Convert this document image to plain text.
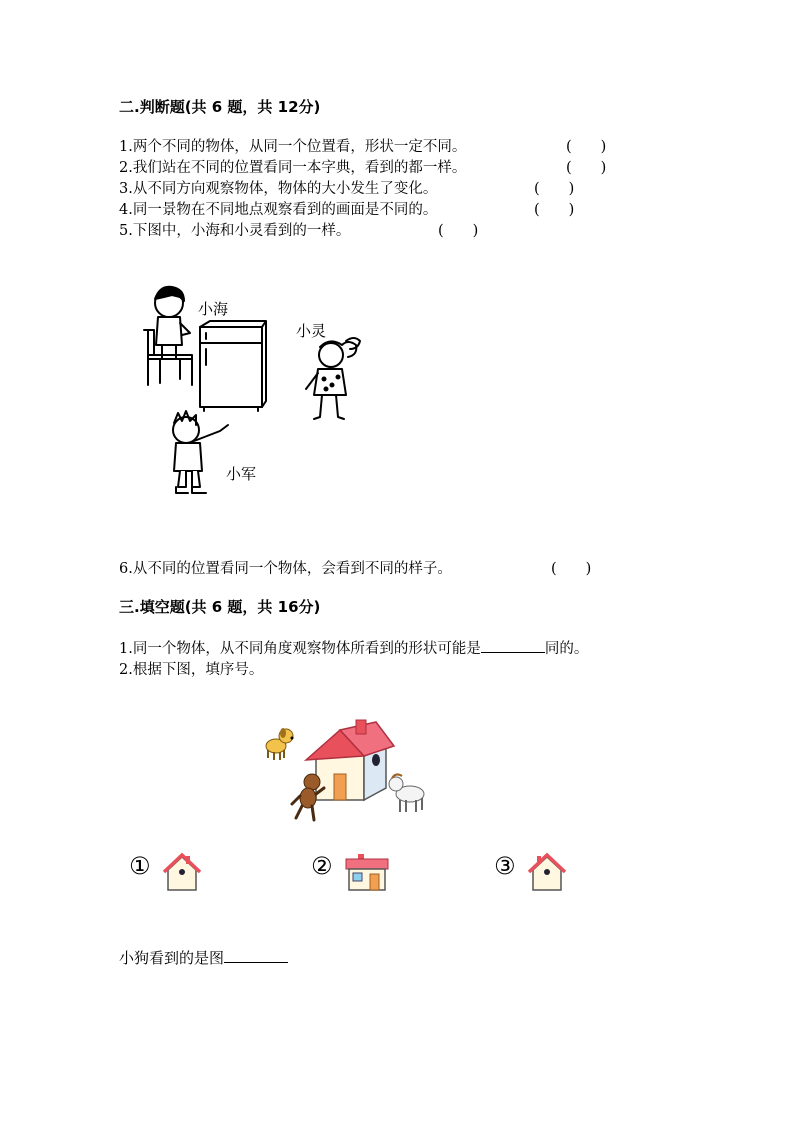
二.判断题(共 6 题，共 12分)
1.两个不同的物体，从同一个位置看，形状一定不同。	(　　)
2.我们站在不同的位置看同一本字典，看到的都一样。	(　　)
3.从不同方向观察物体，物体的大小发生了变化。	(　　)
4.同一景物在不同地点观察看到的画面是不同的。	(　　)
5.下图中，小海和小灵看到的一样。	(　　)
小海
小灵
小军
6.从不同的位置看同一个物体，会看到不同的样子。	(　　)
三.填空题(共 6 题，共 16分)
1.同一个物体，从不同角度观察物体所看到的形状可能是	同的。
2.根据下图，填序号。
①	②	③
小狗看到的是图
